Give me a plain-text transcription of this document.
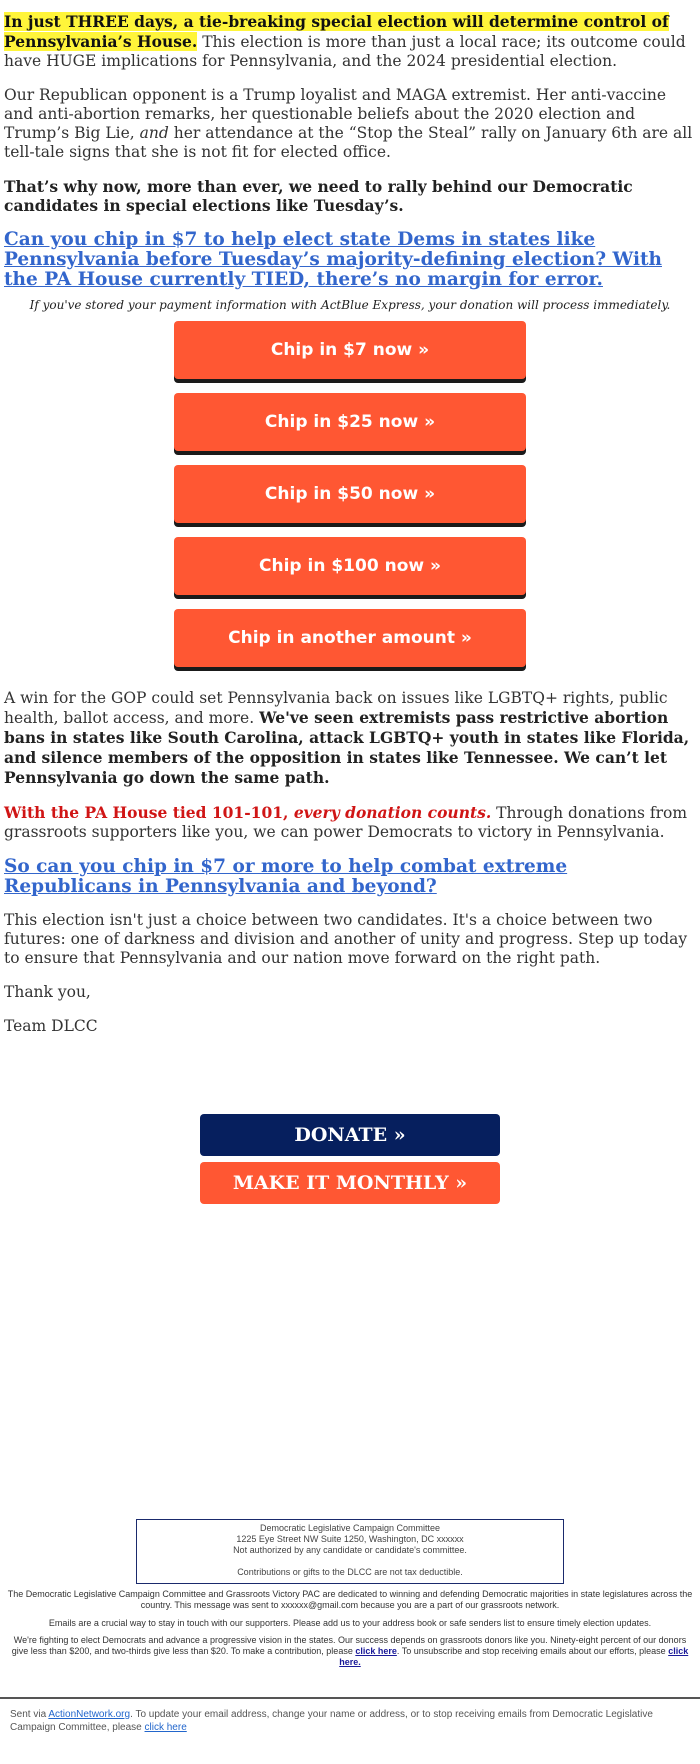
In just THREE days, a tie-breaking special election will determine control of Pennsylvania’s House. This election is more than just a local race; its outcome could have HUGE implications for Pennsylvania, and the 2024 presidential election.

Our Republican opponent is a Trump loyalist and MAGA extremist. Her anti-vaccine and anti-abortion remarks, her questionable beliefs about the 2020 election and Trump’s Big Lie, and her attendance at the “Stop the Steal” rally on January 6th are all tell-tale signs that she is not fit for elected office.

That’s why now, more than ever, we need to rally behind our Democratic candidates in special elections like Tuesday’s.

Can you chip in $7 to help elect state Dems in states like Pennsylvania before Tuesday’s majority-defining election? With the PA House currently TIED, there’s no margin for error.
If you've stored your payment information with ActBlue Express, your donation will process immediately.
Chip in $7 now »
Chip in $25 now »
Chip in $50 now »
Chip in $100 now »
Chip in another amount »

A win for the GOP could set Pennsylvania back on issues like LGBTQ+ rights, public health, ballot access, and more. We've seen extremists pass restrictive abortion bans in states like South Carolina, attack LGBTQ+ youth in states like Florida, and silence members of the opposition in states like Tennessee. We can’t let Pennsylvania go down the same path.

With the PA House tied 101-101, every donation counts. Through donations from grassroots supporters like you, we can power Democrats to victory in Pennsylvania.

So can you chip in $7 or more to help combat extreme Republicans in Pennsylvania and beyond?

This election isn't just a choice between two candidates. It's a choice between two futures: one of darkness and division and another of unity and progress. Step up today to ensure that Pennsylvania and our nation move forward on the right path.

Thank you,

Team DLCC

DONATE »
MAKE IT MONTHLY »
Democratic Legislative Campaign Committee
1225 Eye Street NW Suite 1250, Washington, DC xxxxxx
Not authorized by any candidate or candidate's committee.
Contributions or gifts to the DLCC are not tax deductible.
The Democratic Legislative Campaign Committee and Grassroots Victory PAC are dedicated to winning and defending Democratic majorities in state legislatures across the country. This message was sent to xxxxxx@gmail.com because you are a part of our grassroots network.
Emails are a crucial way to stay in touch with our supporters. Please add us to your address book or safe senders list to ensure timely election updates.
We're fighting to elect Democrats and advance a progressive vision in the states. Our success depends on grassroots donors like you. Ninety-eight percent of our donors give less than $200, and two-thirds give less than $20. To make a contribution, please click here. To unsubscribe and stop receiving emails about our efforts, please click here.
Sent via ActionNetwork.org. To update your email address, change your name or address, or to stop receiving emails from Democratic Legislative Campaign Committee, please click here
